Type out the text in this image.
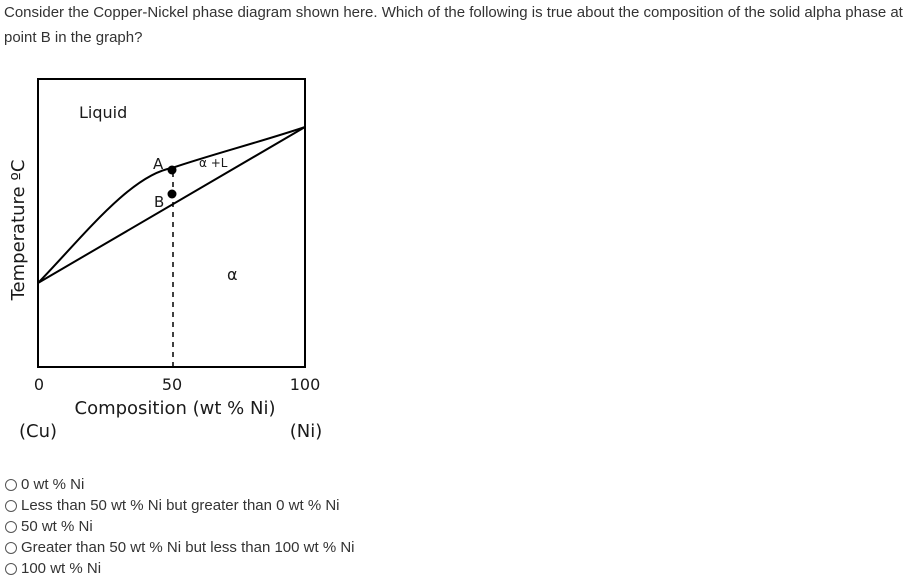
Consider the Copper-Nickel phase diagram shown here. Which of the following is true about the composition of the solid alpha phase at point B in the graph?

A
B
Liquid
α +L
α
Temperature ºC
0	50	100
Composition (wt % Ni)
(Cu)	(Ni)
0 wt % Ni
Less than 50 wt % Ni but greater than 0 wt % Ni
50 wt % Ni
Greater than 50 wt % Ni but less than 100 wt % Ni
100 wt % Ni
